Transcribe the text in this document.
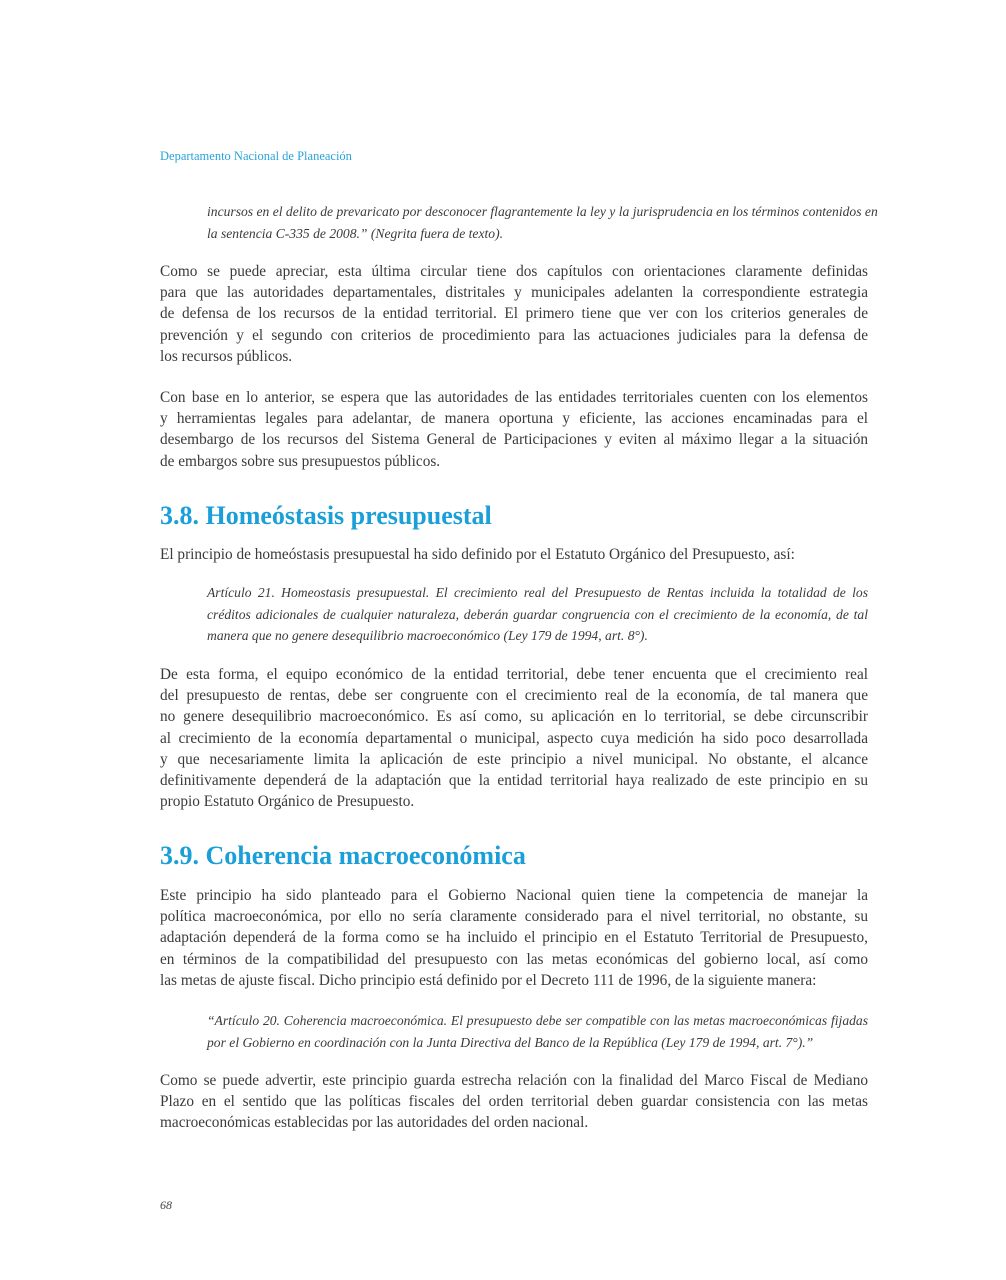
Departamento Nacional de Planeación
incursos en el delito de prevaricato por desconocer flagrantemente la ley y la jurisprudencia en los términos contenidos en
la sentencia C-335 de 2008.” (Negrita fuera de texto).
Como se puede apreciar, esta última circular tiene dos capítulos con orientaciones claramente definidas
para que las autoridades departamentales, distritales y municipales adelanten la correspondiente estrategia
de defensa de los recursos de la entidad territorial. El primero tiene que ver con los criterios generales de
prevención y el segundo con criterios de procedimiento para las actuaciones judiciales para la defensa de
los recursos públicos.
Con base en lo anterior, se espera que las autoridades de las entidades territoriales cuenten con los elementos
y herramientas legales para adelantar, de manera oportuna y eficiente, las acciones encaminadas para el
desembargo de los recursos del Sistema General de Participaciones y eviten al máximo llegar a la situación
de embargos sobre sus presupuestos públicos.
3.8. Homeóstasis presupuestal
El principio de homeóstasis presupuestal ha sido definido por el Estatuto Orgánico del Presupuesto, así:
Artículo 21. Homeostasis presupuestal. El crecimiento real del Presupuesto de Rentas incluida la totalidad de los
créditos adicionales de cualquier naturaleza, deberán guardar congruencia con el crecimiento de la economía, de tal
manera que no genere desequilibrio macroeconómico (Ley 179 de 1994, art. 8°).
De esta forma, el equipo económico de la entidad territorial, debe tener encuenta que el crecimiento real
del presupuesto de rentas, debe ser congruente con el crecimiento real de la economía, de tal manera que
no genere desequilibrio macroeconómico. Es así como, su aplicación en lo territorial, se debe circunscribir
al crecimiento de la economía departamental o municipal, aspecto cuya medición ha sido poco desarrollada
y que necesariamente limita la aplicación de este principio a nivel municipal. No obstante, el alcance
definitivamente dependerá de la adaptación que la entidad territorial haya realizado de este principio en su
propio Estatuto Orgánico de Presupuesto.
3.9. Coherencia macroeconómica
Este principio ha sido planteado para el Gobierno Nacional quien tiene la competencia de manejar la
política macroeconómica, por ello no sería claramente considerado para el nivel territorial, no obstante, su
adaptación dependerá de la forma como se ha incluido el principio en el Estatuto Territorial de Presupuesto,
en términos de la compatibilidad del presupuesto con las metas económicas del gobierno local, así como
las metas de ajuste fiscal. Dicho principio está definido por el Decreto 111 de 1996, de la siguiente manera:
“Artículo 20. Coherencia macroeconómica. El presupuesto debe ser compatible con las metas macroeconómicas fijadas
por el Gobierno en coordinación con la Junta Directiva del Banco de la República (Ley 179 de 1994, art. 7°).”
Como se puede advertir, este principio guarda estrecha relación con la finalidad del Marco Fiscal de Mediano
Plazo en el sentido que las políticas fiscales del orden territorial deben guardar consistencia con las metas
macroeconómicas establecidas por las autoridades del orden nacional.
68
